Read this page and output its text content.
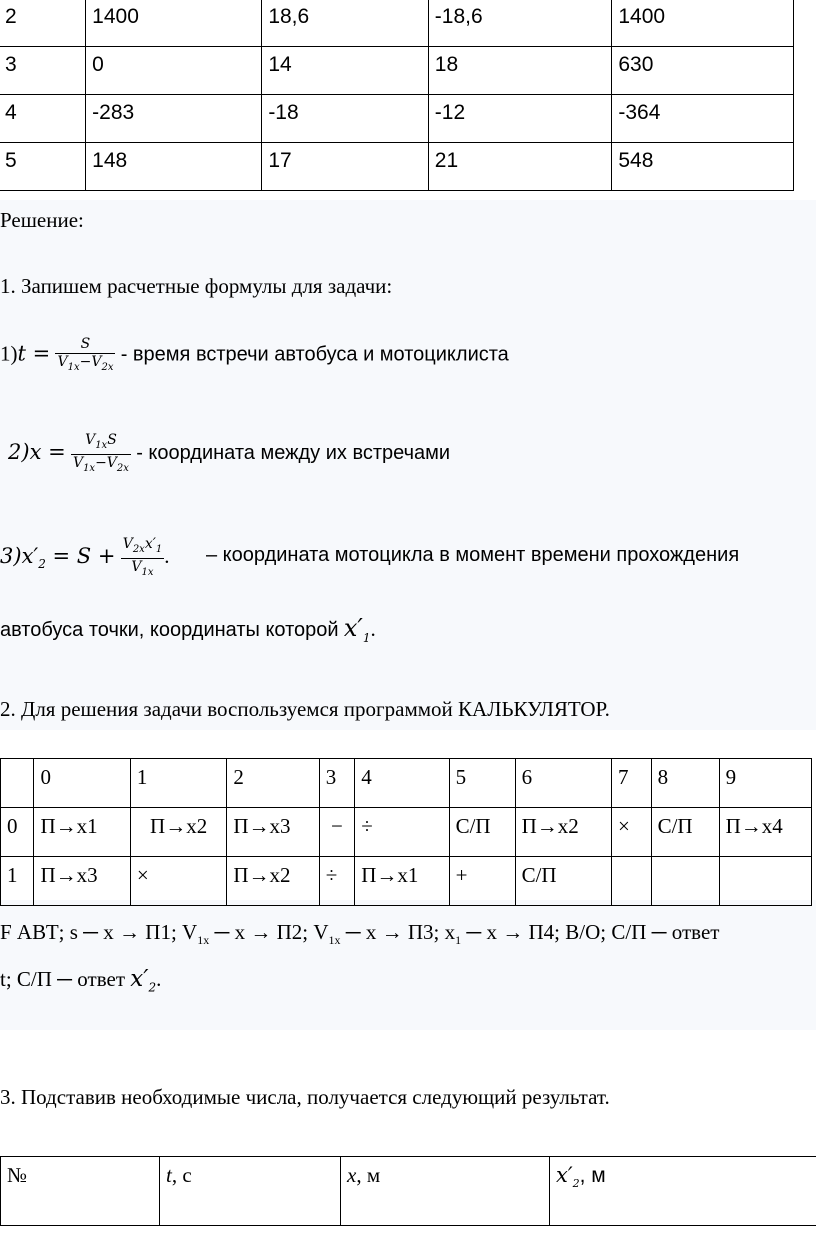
2	1400	18,6	-18,6	1400
3	0	14	18	630
4	-283	-18	-12	-364
5	148	17	21	548
Решение:
1. Запишем расчетные формулы для задачи:
$1)t = \frac{S}{V_{1x}-V_{2x}}$ - время встречи автобуса и мотоциклиста
$2)x = \frac{V_{1x}S}{V_{1x}-V_{2x}}$ - координата между их встречами
$3)x'_2 = S + \frac{V_{2x}x'_1}{V_{1x}}$ . – координата мотоцикла в момент времени прохождения
автобуса точки, координаты которой $x'_1$.
2. Для решения задачи воспользуемся программой КАЛЬКУЛЯТОР.
	0	1	2	3	4	5	6	7	8	9
0	П→x1	П→x2	П→x3	−	÷	С/П	П→x2	×	С/П	П→x4
1	П→x3	×	П→x2	÷	П→x1	+	С/П			
F АВТ; s ─ x → П1; $V_{1x}$ ─ x → П2; $V_{1x}$ ─ x → П3; $x_1$ ─ x → П4; В/О; С/П ─ ответ
t; С/П ─ ответ $x'_2$.
3. Подставив необходимые числа, получается следующий результат.
№	t, с	x, м	$x'_2$, м
